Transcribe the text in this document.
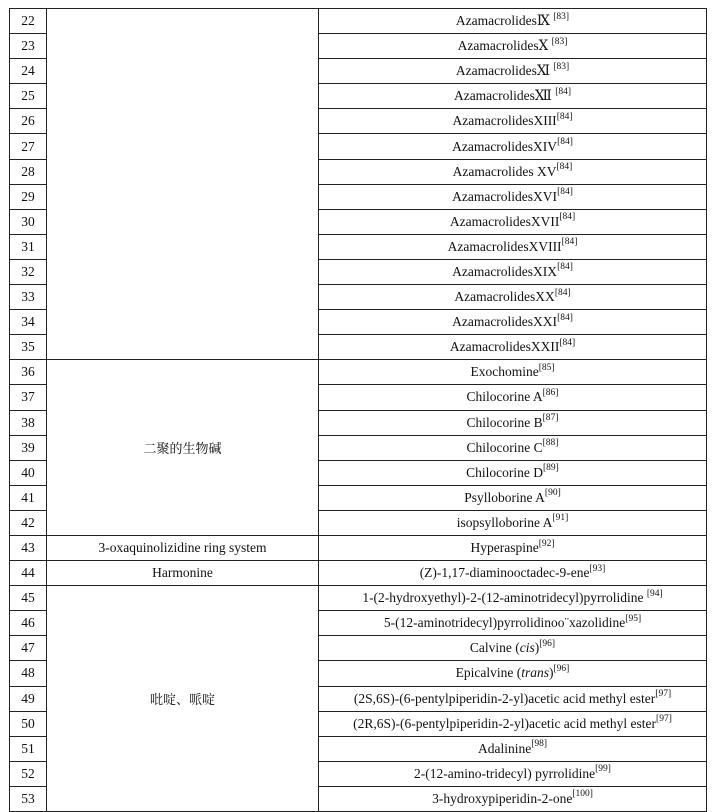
22		AzamacrolidesⅨ [83]
23		AzamacrolidesⅩ [83]
24		AzamacrolidesⅪ [83]
25		AzamacrolidesⅫ [84]
26		AzamacrolidesXIII[84]
27		AzamacrolidesXIV[84]
28		Azamacrolides XV[84]
29		AzamacrolidesXVI[84]
30		AzamacrolidesXVII[84]
31		AzamacrolidesXVIII[84]
32		AzamacrolidesXIX[84]
33		AzamacrolidesXX[84]
34		AzamacrolidesXXI[84]
35		AzamacrolidesXXII[84]
36	二聚的生物碱	Exochomine[85]
37		Chilocorine A[86]
38		Chilocorine B[87]
39		Chilocorine C[88]
40		Chilocorine D[89]
41		Psylloborine A[90]
42		isopsylloborine A[91]
43	3-oxaquinolizidine ring system	Hyperaspine[92]
44	Harmonine	(Z)-1,17-diaminooctadec-9-ene[93]
45	吡啶、哌啶	1-(2-hydroxyethyl)-2-(12-aminotridecyl)pyrrolidine [94]
46		5-(12-aminotridecyl)pyrrolidinoo¨xazolidine[95]
47		Calvine (cis)[96]
48		Epicalvine (trans)[96]
49		(2S,6S)-(6-pentylpiperidin-2-yl)acetic acid methyl ester[97]
50		(2R,6S)-(6-pentylpiperidin-2-yl)acetic acid methyl ester[97]
51		Adalinine[98]
52		2-(12-amino-tridecyl) pyrrolidine[99]
53		3-hydroxypiperidin-2-one[100]
